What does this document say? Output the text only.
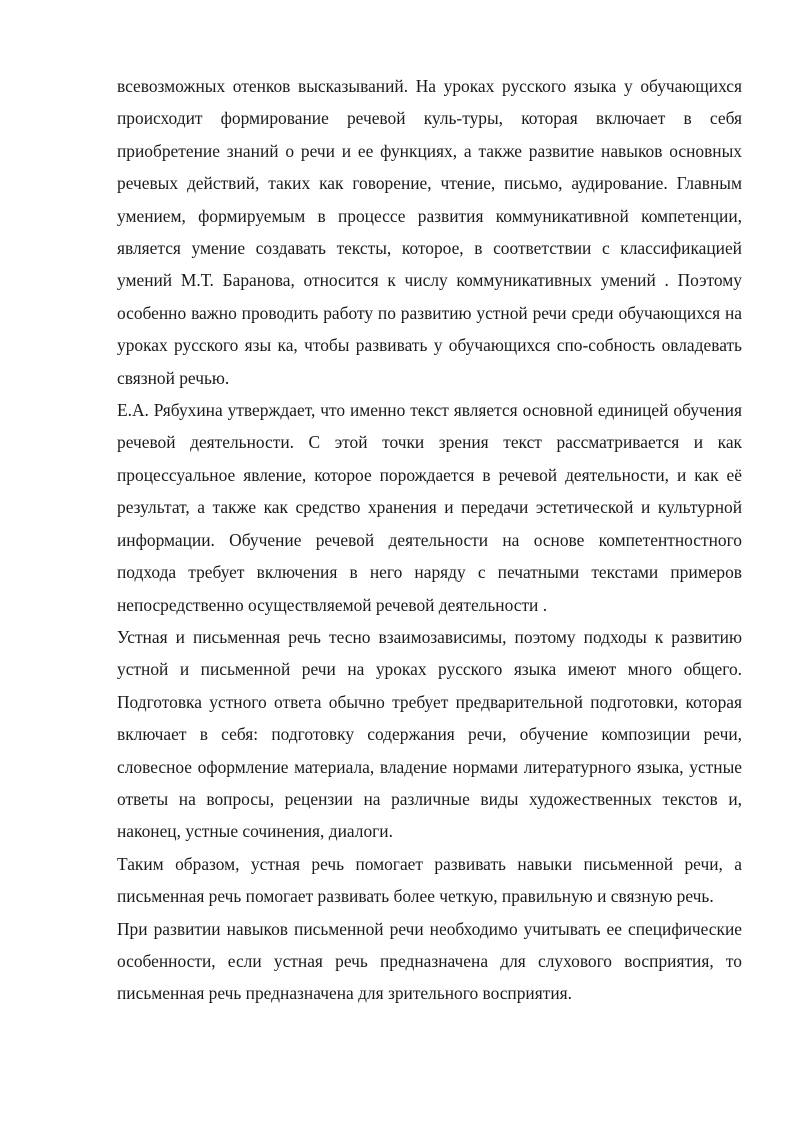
всевозможных отенков высказываний. На уроках русского языка у обучающихся происходит формирование речевой куль-туры, которая включает в себя приобретение знаний о речи и ее функциях, а также развитие навыков основных речевых действий, таких как говорение, чтение, письмо, аудирование. Главным умением, формируемым в процессе развития коммуникативной компетенции, является умение создавать тексты, которое, в соответствии с классификацией умений М.Т. Баранова, относится к числу коммуникативных умений . Поэтому особенно важно проводить работу по развитию устной речи среди обучающихся на уроках русского язы ка, чтобы развивать у обучающихся спо-собность овладевать связной речью.

Е.А. Рябухина утверждает, что именно текст является основной единицей обучения речевой деятельности. С этой точки зрения текст рассматривается и как процессуальное явление, которое порождается в речевой деятельности, и как её результат, а также как средство хранения и передачи эстетической и культурной информации. Обучение речевой деятельности на основе компетентностного подхода требует включения в него наряду с печатными текстами примеров непосредственно осуществляемой речевой деятельности .

Устная и письменная речь тесно взаимозависимы, поэтому подходы к развитию устной и письменной речи на уроках русского языка имеют много общего. Подготовка устного ответа обычно требует предварительной подготовки, которая включает в себя: подготовку содержания речи, обучение композиции речи, словесное оформление материала, владение нормами литературного языка, устные ответы на вопросы, рецензии на различные виды художественных текстов и, наконец, устные сочинения, диалоги.

Таким образом, устная речь помогает развивать навыки письменной речи, а письменная речь помогает развивать более четкую, правильную и связную речь.

При развитии навыков письменной речи необходимо учитывать ее специфические особенности, если устная речь предназначена для слухового восприятия, то письменная речь предназначена для зрительного восприятия.
